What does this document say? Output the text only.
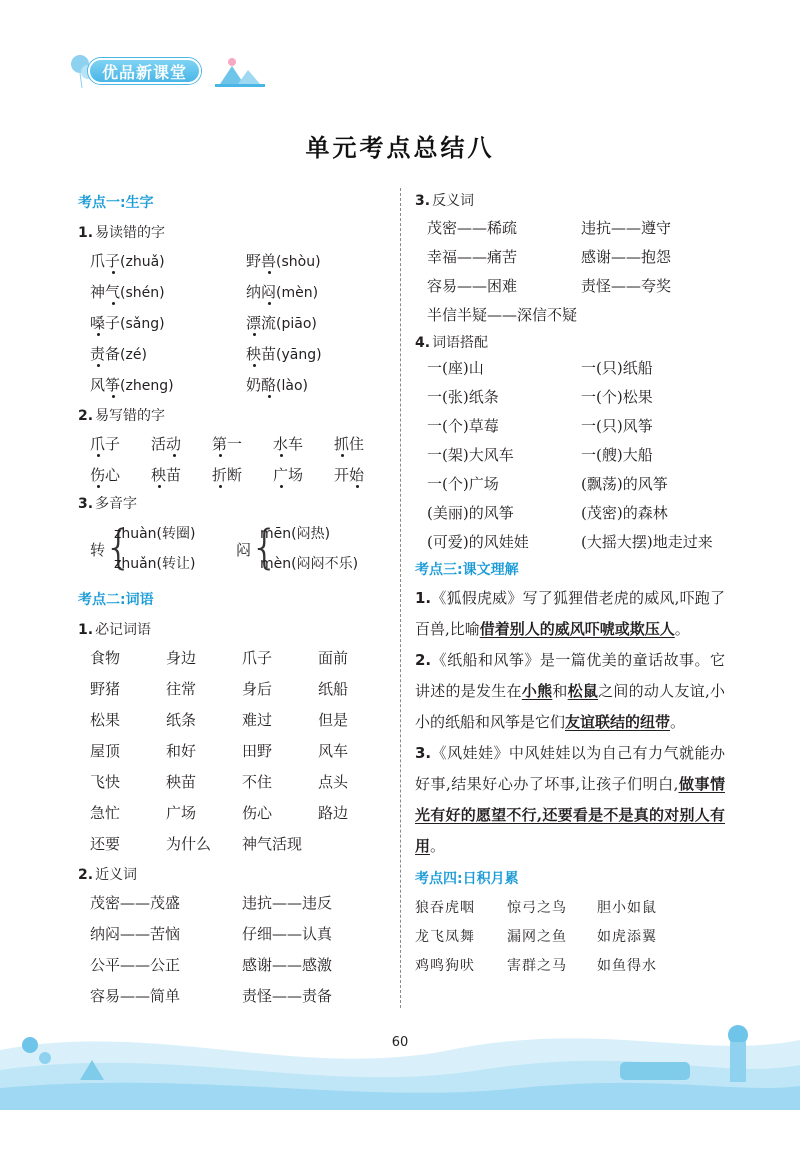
优品新课堂
单元考点总结八
考点一:生字
1. 易读错的字
爪子(zhuǎ)	野兽(shòu)
神气(shén)	纳闷(mèn)
嗓子(sǎng)	漂流(piāo)
责备(zé)	秧苗(yāng)
风筝(zheng)	奶酪(lào)
2. 易写错的字
爪子 活动 第一 水车 抓住
伤心 秧苗 折断 广场 开始
3. 多音字
转
{
zhuàn(转圈)
zhuǎn(转让)
闷
{
mēn(闷热)
mèn(闷闷不乐)
考点二:词语
1. 必记词语
食物	身边	爪子	面前
野猪	往常	身后	纸船
松果	纸条	难过	但是
屋顶	和好	田野	风车
飞快	秧苗	不住	点头
急忙	广场	伤心	路边
还要	为什么 神气活现
2. 近义词
茂密——茂盛	违抗——违反
纳闷——苦恼	仔细——认真
公平——公正	感谢——感激
容易——简单	责怪——责备
3. 反义词
茂密——稀疏	违抗——遵守
幸福——痛苦	感谢——抱怨
容易——困难	责怪——夸奖
半信半疑——深信不疑
4. 词语搭配
一(座)山	一(只)纸船
一(张)纸条	一(个)松果
一(个)草莓	一(只)风筝
一(架)大风车	一(艘)大船
一(个)广场	(飘荡)的风筝
(美丽)的风筝	(茂密)的森林
(可爱)的风娃娃	(大摇大摆)地走过来
考点三:课文理解
1.《狐假虎威》写了狐狸借老虎的威风,吓跑了百兽,比喻借着别人的威风吓唬或欺压人。
2.《纸船和风筝》是一篇优美的童话故事。它讲述的是发生在小熊和松鼠之间的动人友谊,小小的纸船和风筝是它们友谊联结的纽带。
3.《风娃娃》中风娃娃以为自己有力气就能办好事,结果好心办了坏事,让孩子们明白,做事情光有好的愿望不行,还要看是不是真的对别人有用。
考点四:日积月累
狼吞虎咽 惊弓之鸟 胆小如鼠
龙飞凤舞 漏网之鱼 如虎添翼
鸡鸣狗吠 害群之马 如鱼得水
60
